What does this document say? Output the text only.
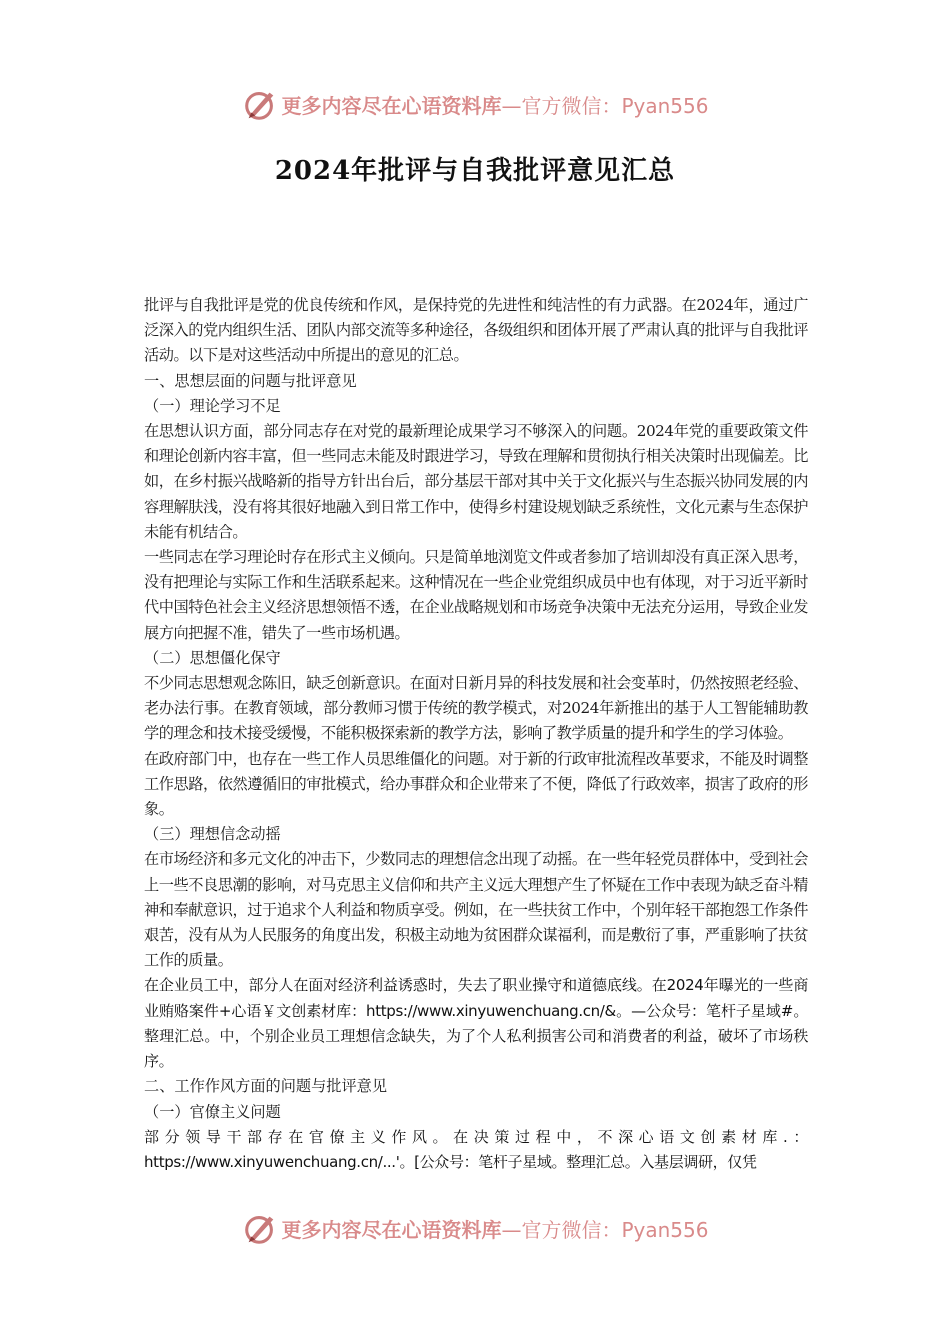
更多内容尽在心语资料库—官方微信：Pyan556
2024年批评与自我批评意见汇总

批评与自我批评是党的优良传统和作风，是保持党的先进性和纯洁性的有力武器。在2024年，通过广泛深入的党内组织生活、团队内部交流等多种途径，各级组织和团体开展了严肃认真的批评与自我批评活动。以下是对这些活动中所提出的意见的汇总。

一、思想层面的问题与批评意见

（一）理论学习不足

在思想认识方面，部分同志存在对党的最新理论成果学习不够深入的问题。2024年党的重要政策文件和理论创新内容丰富，但一些同志未能及时跟进学习，导致在理解和贯彻执行相关决策时出现偏差。比如，在乡村振兴战略新的指导方针出台后，部分基层干部对其中关于文化振兴与生态振兴协同发展的内容理解肤浅，没有将其很好地融入到日常工作中，使得乡村建设规划缺乏系统性，文化元素与生态保护未能有机结合。

一些同志在学习理论时存在形式主义倾向。只是简单地浏览文件或者参加了培训却没有真正深入思考，没有把理论与实际工作和生活联系起来。这种情况在一些企业党组织成员中也有体现，对于习近平新时代中国特色社会主义经济思想领悟不透，在企业战略规划和市场竞争决策中无法充分运用，导致企业发展方向把握不准，错失了一些市场机遇。

（二）思想僵化保守

不少同志思想观念陈旧，缺乏创新意识。在面对日新月异的科技发展和社会变革时，仍然按照老经验、老办法行事。在教育领域，部分教师习惯于传统的教学模式，对2024年新推出的基于人工智能辅助教学的理念和技术接受缓慢，不能积极探索新的教学方法，影响了教学质量的提升和学生的学习体验。

在政府部门中，也存在一些工作人员思维僵化的问题。对于新的行政审批流程改革要求，不能及时调整工作思路，依然遵循旧的审批模式，给办事群众和企业带来了不便，降低了行政效率，损害了政府的形象。

（三）理想信念动摇

在市场经济和多元文化的冲击下，少数同志的理想信念出现了动摇。在一些年轻党员群体中，受到社会上一些不良思潮的影响，对马克思主义信仰和共产主义远大理想产生了怀疑在工作中表现为缺乏奋斗精神和奉献意识，过于追求个人利益和物质享受。例如，在一些扶贫工作中，个别年轻干部抱怨工作条件艰苦，没有从为人民服务的角度出发，积极主动地为贫困群众谋福利，而是敷衍了事，严重影响了扶贫工作的质量。

在企业员工中，部分人在面对经济利益诱惑时，失去了职业操守和道德底线。在2024年曝光的一些商业贿赂案件+心语￥文创素材库：https://www.xinyuwenchuang.cn/&。—公众号：笔杆子星域#。整理汇总。中，个别企业员工理想信念缺失，为了个人私利损害公司和消费者的利益，破坏了市场秩序。

二、工作作风方面的问题与批评意见

（一）官僚主义问题

部分领导干部存在官僚主义作风。在决策过程中，不深心语文创素材库.：https://www.xinyuwenchuang.cn/...'。[公众号：笔杆子星域。整理汇总。入基层调研，仅凭

更多内容尽在心语资料库—官方微信：Pyan556
